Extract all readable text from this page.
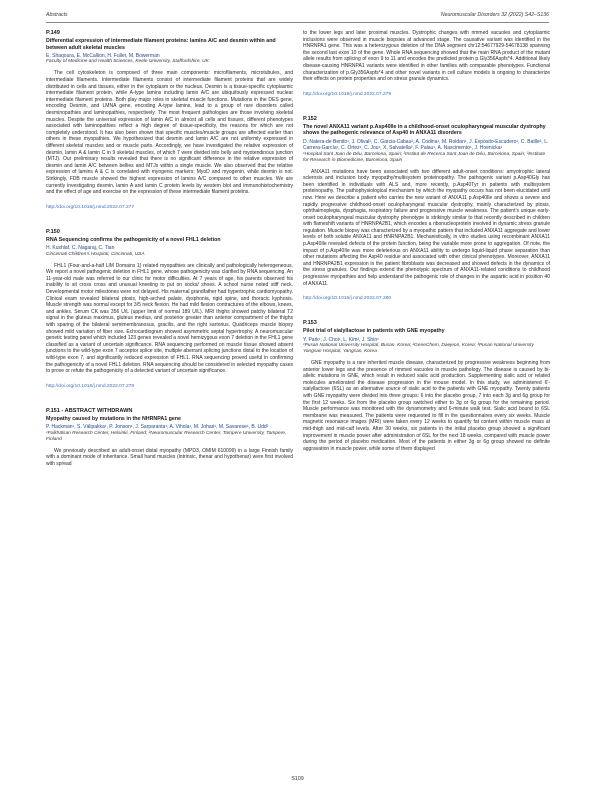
Abstracts	Neuromuscular Disorders 32 (2022) S42–S136
P.149
Differential expression of intermediate filament proteins: lamins A/C and desmin within and between adult skeletal muscles
E. Shaqoura, E. McCallion, H. Fuller, M. Bowerman
Faculty of Medicine and Health Sciences, Keele University, Staffordshire, UK

The cell cytoskeleton is composed of three main components: microfilaments, microtubules, and intermediate filaments. Intermediate filaments consist of intermediate filament proteins that are widely distributed in cells and tissues, either in the cytoplasm or the nucleus. Desmin is a tissue-specific cytoplasmic intermediate filament protein, while A-type lamins including lamin A/C are ubiquitously expressed nuclear intermediate filament proteins. Both play major roles in skeletal muscle functions. Mutations in the DES gene, encoding Desmin, and LMNA gene, encoding A-type lamins, lead to a group of rare disorders called desminopathies and laminopathies, respectively. The most frequent pathologies are those involving skeletal muscles. Despite the universal expression of lamin A/C in almost all cells and tissues, different phenotypes associated with laminopathies reflect a high degree of tissue-specificity, the reasons for which are not completely understood. It has also been shown that specific muscles/muscle groups are affected earlier than others in these myopathies. We hypothesized that desmin and lamin A/C are not uniformly expressed in different skeletal muscles and or muscle parts. Accordingly, we have investigated the relative expression of desmin, lamin A & lamin C in 9 skeletal muscles, of which 7 were divided into belly and myotendinous junction (MTJ). Our preliminary results revealed that there is no significant difference in the relative expression of desmin and lamin A/C between bellies and MTJs within a single muscle. We also observed that the relative expression of lamins A & C is correlated with myogenic markers; MyoD and myogenin, while desmin is not. Strikingly, FDB muscle showed the highest expression of lamins A/C compared to other muscles. We are currently investigating desmin, lamin A and lamin C protein levels by western blot and immunohistochemistry and the effect of age and exercise on the expression of these intermediate filament proteins.

http://doi.org/10.1016/j.nmd.2022.07.277
P.150
RNA Sequencing confirms the pathogenicity of a novel FHL1 deletion
H. Kushlaf, C. Nagaraj, C. Tian
Cincinnati Children’s Hospital, Cincinnati, USA

FHL1 (Four-and-a-half LIM Domains 1) related myopathies are clinically and pathologically heterogeneous. We report a novel pathogenic deletion in FHL1 gene, whose pathogenicity was clarified by RNA sequencing. An 11-year-old male was referred to our clinic for motor difficulties. At 7 years of age, his parents observed his inability to sit cross cross and unusual kneeling to put on socks/ shoes. A school nurse noted stiff neck. Developmental motor milestones were not delayed. His maternal grandfather had hypertrophic cardiomyopathy. Clinical exam revealed bilateral ptosis, high-arched palate, dysphonia, rigid spine, and thoracic kyphosis. Muscle strength was normal except for 3/5 neck flexion. He had mild flexion contractures of the elbows, knees, and ankles. Serum CK was 356 U/L (upper limit of normal 189 U/L). MRI thighs showed patchy bilateral T2 signal in the gluteus maximus, gluteus medius, and posterior greater than anterior compartment of the thighs with sparing of the bilateral semimembranosus, gracilis, and the right sartorius. Quadriceps muscle biopsy showed mild variation of fiber size. Echocardiogram showed asymmetric septal hypertrophy. A neuromuscular genetic testing panel which included 123 genes revealed a novel hemizygous exon 7 deletion in the FHL1 gene classified as a variant of uncertain significance. RNA sequencing performed on muscle tissue showed absent junctions to the wild-type exon 7 acceptor splice site, multiple aberrant splicing junctions distal to the location of wild-type exon 7, and significantly reduced expression of FHL1. RNA sequencing proved useful in confirming the pathogenicity of a novel FHL1 deletion. RNA sequencing should be considered in selected myopathy cases to prove or refute the pathogenicity of a detected variant of uncertain significance.

http://doi.org/10.1016/j.nmd.2022.07.278
P.151 - ABSTRACT WITHDRAWN
Myopathy caused by mutations in the NHRNPA1 gene
P. Hackman¹, S. Välipakka¹, P. Jonson¹, J. Sarparanta¹, A. Vihola¹, M. Johari¹, M. Savarese¹, B. Udd²
¹Folkhälsan Research Center, Helsinki, Finland; ²Neuromuscular Research Center, Tampere University, Tampere, Finland

We previously described an adult-onset distal myopathy (MPD3, OMIM 610099) in a large Finnish family with a dominant mode of inheritance. Small hand muscles (intrinsic, thenar and hypothenar) were first involved with spread

to the lower legs and later proximal muscles. Dystrophic changes with rimmed vacuoles and cytoplasmic inclusions were observed in muscle biopsies at advanced stage. The causative variant was identified in the HNRNPA1 gene. This was a heterozygous deletion of the DNA segment chr12:54677929-54678138 spanning the second last exon 10 of the gene. Whole RNA sequencing showed that the main RNA product of the mutant allele results from splicing of exon 9 to 11 and encodes the predicted protein p.Gly356Aspfs*4. Additional likely disease-causing HNRNPA1 variants were identified in other families with comparable phenotypes. Functional characterization of p.Gly356Aspfs*4 and other novel variants in cell culture models is ongoing to characterize their effects on protein properties and on stress granule dynamics.

http://doi.org/10.1016/j.nmd.2022.07.279
P.152
The novel ANXA11 variant p.Asp40Ile in a childhood-onset oculopharyngeal muscular dystrophy shows the pathogenic relevance of Asp40 in ANXA11 disorders
D. Natera-de Benito¹, J. Olival², C. Garcia-Cabau², A. Codina¹, M. Roldan¹, J. Expósito-Escudero¹, C. Batlle², L. Carrera-García¹, C. Ortez¹, C. Jou¹, X. Salvatella², F. Palau¹, A. Nascimento¹, J. Hoenicka¹
¹Hospital Sant Joan de Déu, Barcelona, Spain; ²Institut de Recerca Sant Joan de Déu, Barcelona, Spain; ³Institute for Research in Biomedicine, Barcelona, Spain

ANXA11 mutations have been associated with two different adult-onset conditions: amyotrophic lateral sclerosis and inclusion body myopathy/multisystem proteinopathy. The pathogenic variant p.Asp40Gly has been identified in individuals with ALS and, more recently, p.Asp40Tyr in patients with multisystem proteinopathy. The pathophysiological mechanism by which the myopathy occurs has not been elucidated until now. Here we describe a patient who carries the new variant of ANXA11 p.Asp40Ile and shows a severe and rapidly progressive childhood-onset oculopharyngeal muscular dystrophy, mainly characterized by ptosis, ophthalmoplegia, dysphagia, respiratory failure and progressive muscle weakness. The patient’s unique early-onset oculopharyngeal muscular dystrophy phenotype is strikingly similar to that recently described in children with flameshift variants of HNRNPA2B1, which encodes a ribonucleoprotein involved in dynamic stress granule regulation. Muscle biopsy was characterized by a myopathic pattern that included ANXA11 aggregate and lower levels of both soluble ANXA11 and HNRNPA2B1. Mechanistically, in vitro studies using recombinant ANXA11 p.Asp40Ile revealed defects of the protein function, being the variable more prone to aggregation. Of note, the impact of p.Asp40Ile was more deleterious on ANXA11 ability to undergo liquid-liquid phase separation than other mutations affecting the Asp40 residue and associated with other clinical phenotypes. Moreover, ANXA11 and HNRNPA2B1 expression in the patient fibroblasts was decreased and showed defects in the dynamics of the stress granules. Our findings extend the phenotypic spectrum of ANXA11-related conditions to childhood progressive myopathies and help understand the pathogenic role of changes in the aspartic acid in position 40 of ANXA11.

http://doi.org/10.1016/j.nmd.2022.07.280
P.153
Pilot trial of sialyllactose in patients with GNE myopathy
Y. Park¹, J. Choi¹, L. Kim², J. Shin¹
¹Pusan National University Hospital, Busan, Korea; ²GeneChem, Daejeon, Korea; ³Pusan National University Yangsan Hospital, Yangsan, Korea

GNE myopathy is a rare inherited muscle disease, characterized by progressive weakness beginning from anterior lower legs and the presence of rimmed vacuoles in muscle pathology. The disease is caused by bi-allelic mutations in GNE, which result in reduced sialic acid production. Supplementing sialic acid or related molecules ameliorated the disease progression in the mouse model. In this study, we administered 6'-sialyllactose (6SL) as an alternative source of sialic acid to the patients with GNE myopathy. Twenty patients with GNE myopathy were divided into three groups: 6 into the placebo group, 7 into each 3g and 6g group for the first 12 weeks. Six from the placebo group switched either to 3g or 6g group for the remaining period. Muscle performance was monitored with the dynamometry and 6-minute walk test. Sialic acid bound to 6SL membrane was measured. The patients were requested to fill in the questionnaires every six weeks. Muscle magnetic resonance images (MRI) were taken every 12 weeks to quantify fat content within muscle mass at mid-thigh and mid-calf levels. After 30 weeks, six patients in the initial placebo group showed a significant improvement in muscle power after administration of 6SL for the next 18 weeks, compared with muscle power during the period of placebo medication. Most of the patients in either 3g or 6g group showed no definite aggravation in muscle power, while some of them displayed

S109
